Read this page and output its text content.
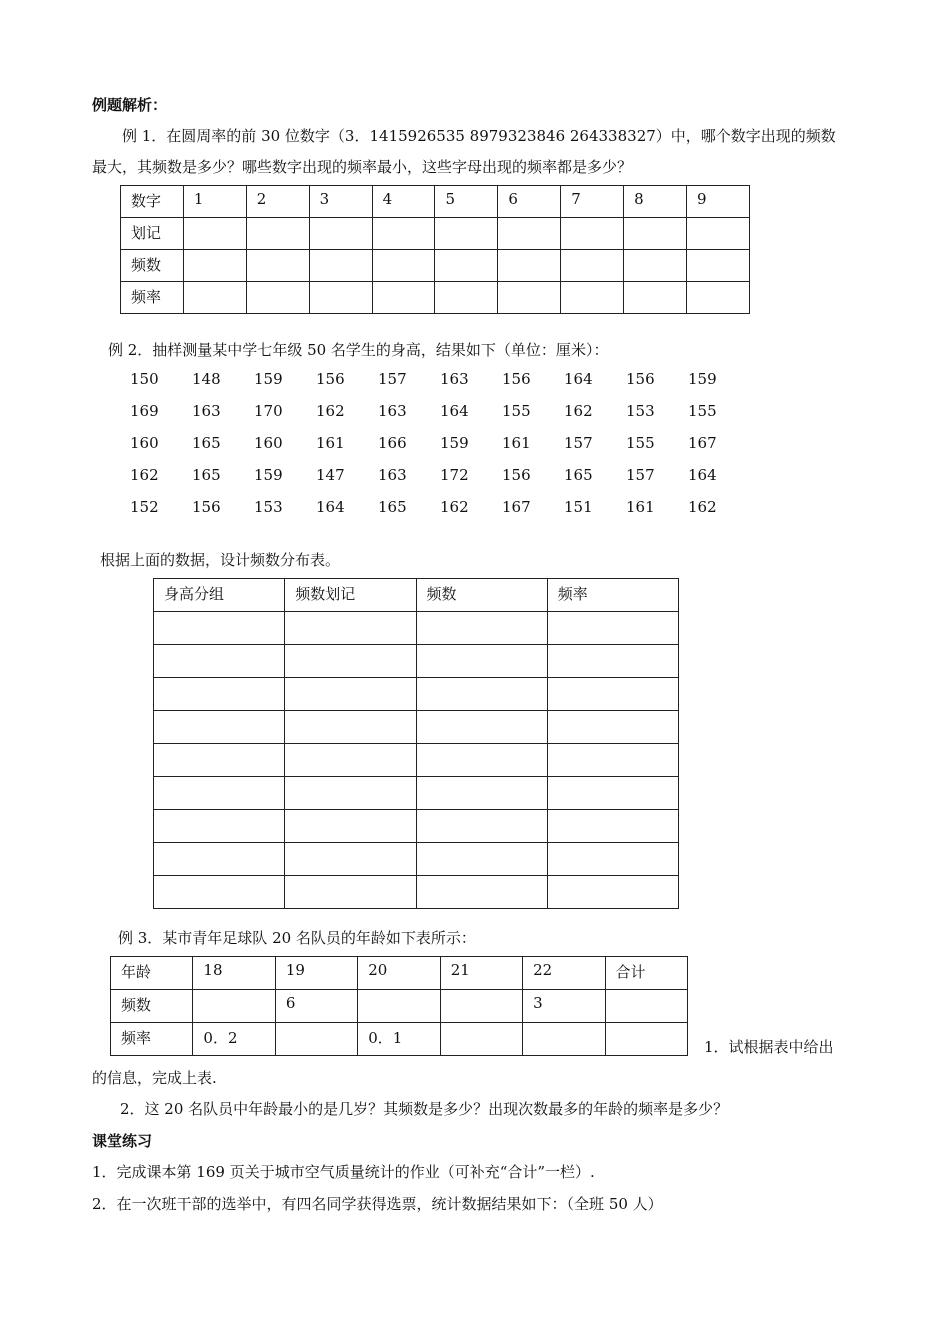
例题解析：
例 1．在圆周率的前 30 位数字（3．1415926535 8979323846 264338327）中，哪个数字出现的频数
最大，其频数是多少？哪些数字出现的频率最小，这些字母出现的频率都是多少？
数字	1	2	3	4	5	6	7	8	9
划记									
频数									
频率									
例 2．抽样测量某中学七年级 50 名学生的身高，结果如下（单位：厘米）：
150	148	159	156	157	163	156	164	156	159
169	163	170	162	163	164	155	162	153	155
160	165	160	161	166	159	161	157	155	167
162	165	159	147	163	172	156	165	157	164
152	156	153	164	165	162	167	151	161	162
根据上面的数据，设计频数分布表。
身高分组	频数划记	频数	频率

例 3．某市青年足球队 20 名队员的年龄如下表所示：
年龄	18	19	20	21	22	合计
频数		6			3	
频率	0．2		0．1				1．试根据表中给出
的信息，完成上表.
2．这 20 名队员中年龄最小的是几岁？其频数是多少？出现次数最多的年龄的频率是多少？
课堂练习
1．完成课本第 169 页关于城市空气质量统计的作业（可补充“合计”一栏）.
2．在一次班干部的选举中，有四名同学获得选票，统计数据结果如下：（全班 50 人）
